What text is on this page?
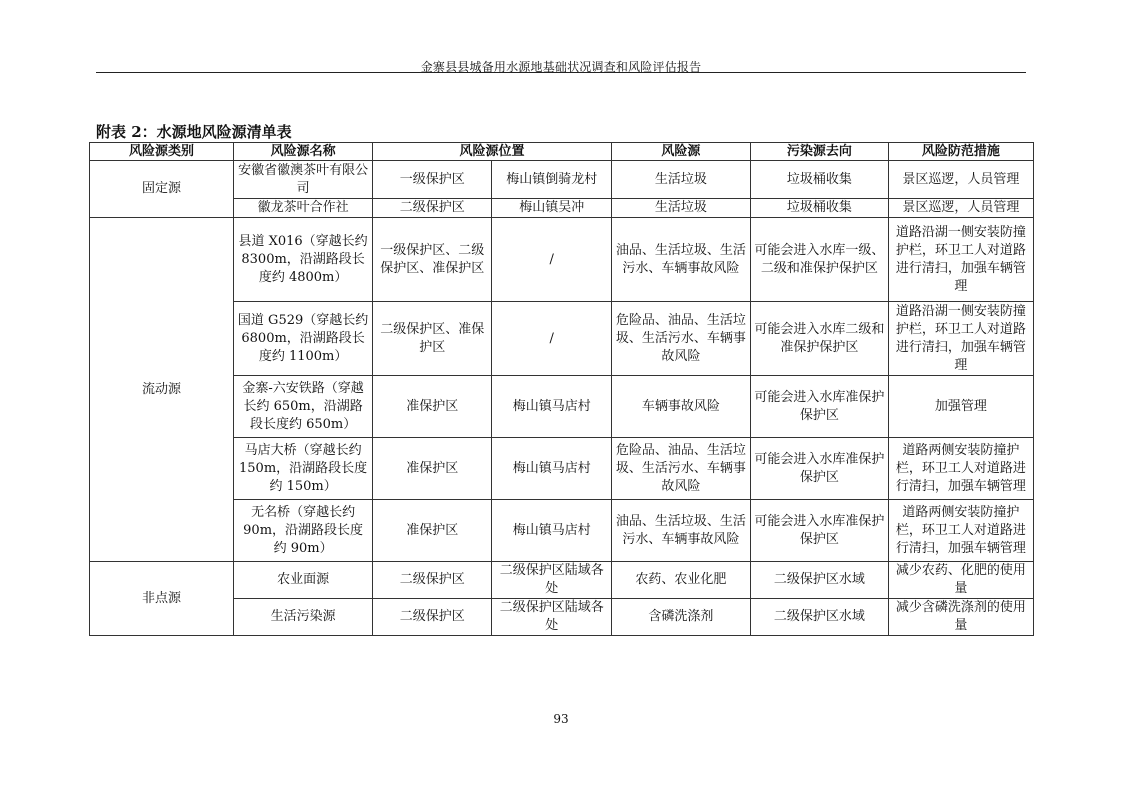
金寨县县城备用水源地基础状况调查和风险评估报告
附表 2：水源地风险源清单表
风险源类别	风险源名称	风险源位置		风险源	污染源去向	风险防范措施
固定源	安徽省徽澳茶叶有限公司	一级保护区	梅山镇倒骑龙村	生活垃圾	垃圾桶收集	景区巡逻，人员管理
	徽龙茶叶合作社	二级保护区	梅山镇吴冲	生活垃圾	垃圾桶收集	景区巡逻，人员管理
流动源	县道 X016（穿越长约 8300m，沿湖路段长度约 4800m）	一级保护区、二级保护区、准保护区	/	油品、生活垃圾、生活污水、车辆事故风险	可能会进入水库一级、二级和准保护保护区	道路沿湖一侧安装防撞护栏，环卫工人对道路进行清扫，加强车辆管理
	国道 G529（穿越长约 6800m，沿湖路段长度约 1100m）	二级保护区、准保护区	/	危险品、油品、生活垃圾、生活污水、车辆事故风险	可能会进入水库二级和准保护保护区	道路沿湖一侧安装防撞护栏，环卫工人对道路进行清扫，加强车辆管理
	金寨-六安铁路（穿越长约 650m，沿湖路段长度约 650m）	准保护区	梅山镇马店村	车辆事故风险	可能会进入水库准保护保护区	加强管理
	马店大桥（穿越长约 150m，沿湖路段长度约 150m）	准保护区	梅山镇马店村	危险品、油品、生活垃圾、生活污水、车辆事故风险	可能会进入水库准保护保护区	道路两侧安装防撞护栏，环卫工人对道路进行清扫，加强车辆管理
	无名桥（穿越长约 90m，沿湖路段长度约 90m）	准保护区	梅山镇马店村	油品、生活垃圾、生活污水、车辆事故风险	可能会进入水库准保护保护区	道路两侧安装防撞护栏，环卫工人对道路进行清扫，加强车辆管理
非点源	农业面源	二级保护区	二级保护区陆域各处	农药、农业化肥	二级保护区水域	减少农药、化肥的使用量
	生活污染源	二级保护区	二级保护区陆域各处	含磷洗涤剂	二级保护区水域	减少含磷洗涤剂的使用量
93
